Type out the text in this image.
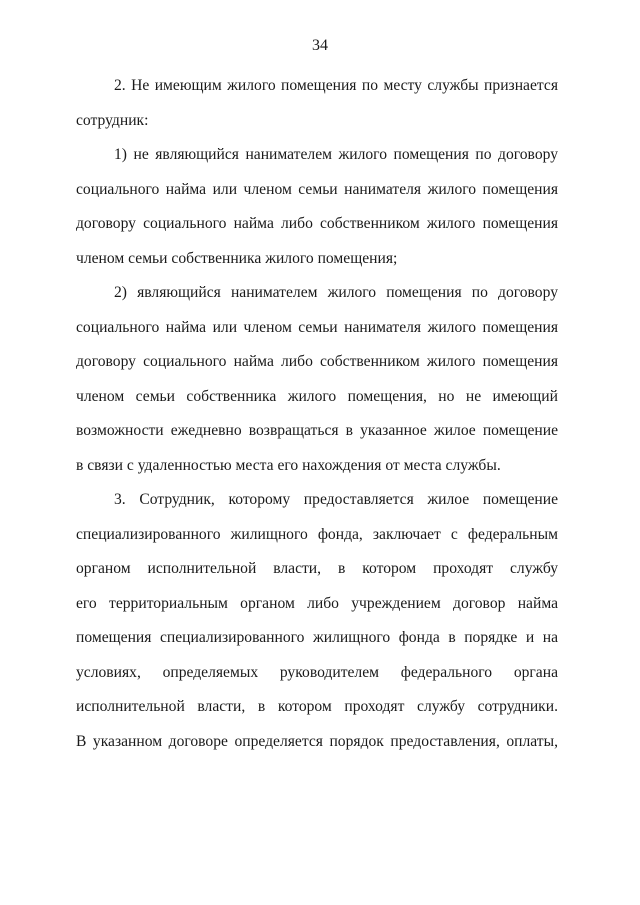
34
2. Не имеющим жилого помещения по месту службы признается
сотрудник:
1) не являющийся нанимателем жилого помещения по договору
социального найма или членом семьи нанимателя жилого помещения
договору социального найма либо собственником жилого помещения
членом семьи собственника жилого помещения;
2) являющийся нанимателем жилого помещения по договору
социального найма или членом семьи нанимателя жилого помещения
договору социального найма либо собственником жилого помещения
членом семьи собственника жилого помещения, но не имеющий
возможности ежедневно возвращаться в указанное жилое помещение
в связи с удаленностью места его нахождения от места службы.
3. Сотрудник, которому предоставляется жилое помещение
специализированного жилищного фонда, заключает с федеральным
органом исполнительной власти, в котором проходят службу
его территориальным органом либо учреждением договор найма
помещения специализированного жилищного фонда в порядке и на
условиях, определяемых руководителем федерального органа
исполнительной власти, в котором проходят службу сотрудники.
В указанном договоре определяется порядок предоставления, оплаты,
